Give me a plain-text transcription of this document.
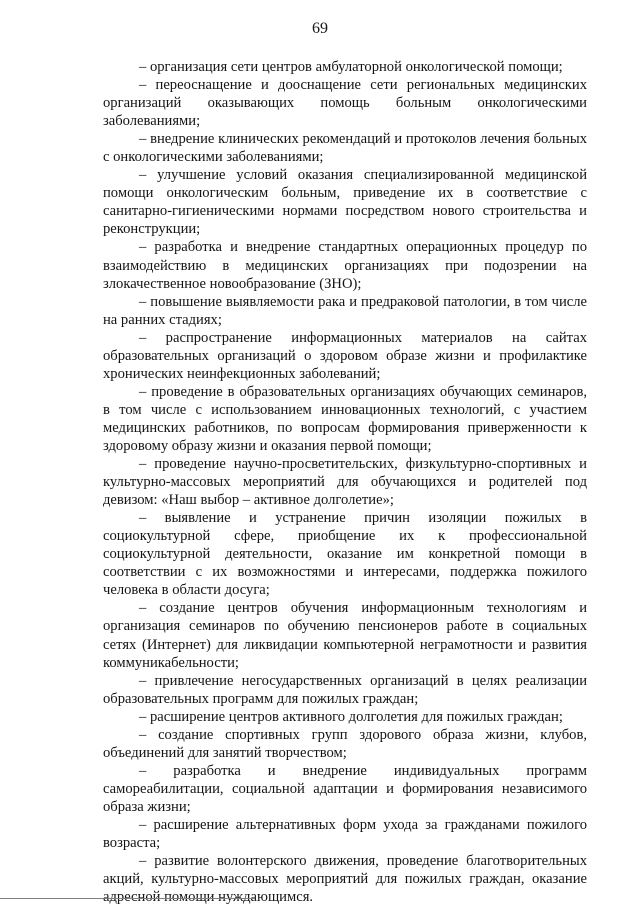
69

– организация сети центров амбулаторной онкологической помощи;

– переоснащение и дооснащение сети региональных медицинских организаций оказывающих помощь больным онкологическими заболеваниями;

– внедрение клинических рекомендаций и протоколов лечения больных с онкологическими заболеваниями;

– улучшение условий оказания специализированной медицинской помощи онкологическим больным, приведение их в соответствие с санитарно-гигиеническими нормами посредством нового строительства и реконструкции;

– разработка и внедрение стандартных операционных процедур по взаимодействию в медицинских организациях при подозрении на злокачественное новообразование (ЗНО);

– повышение выявляемости рака и предраковой патологии, в том числе на ранних стадиях;

– распространение информационных материалов на сайтах образовательных организаций о здоровом образе жизни и профилактике хронических неинфекционных заболеваний;

– проведение в образовательных организациях обучающих семинаров, в том числе с использованием инновационных технологий, с участием медицинских работников, по вопросам формирования приверженности к здоровому образу жизни и оказания первой помощи;

– проведение научно-просветительских, физкультурно-спортивных и культурно-массовых мероприятий для обучающихся и родителей под девизом: «Наш выбор – активное долголетие»;

– выявление и устранение причин изоляции пожилых в социокультурной сфере, приобщение их к профессиональной социокультурной деятельности, оказание им конкретной помощи в соответствии с их возможностями и интересами, поддержка пожилого человека в области досуга;

– создание центров обучения информационным технологиям и организация семинаров по обучению пенсионеров работе в социальных сетях (Интернет) для ликвидации компьютерной неграмотности и развития коммуникабельности;

– привлечение негосударственных организаций в целях реализации образовательных программ для пожилых граждан;

– расширение центров активного долголетия для пожилых граждан;

– создание спортивных групп здорового образа жизни, клубов, объединений для занятий творчеством;

– разработка и внедрение индивидуальных программ самореабилитации, социальной адаптации и формирования независимого образа жизни;

– расширение альтернативных форм ухода за гражданами пожилого возраста;

– развитие волонтерского движения, проведение благотворительных акций, культурно-массовых мероприятий для пожилых граждан, оказание адресной помощи нуждающимся.
